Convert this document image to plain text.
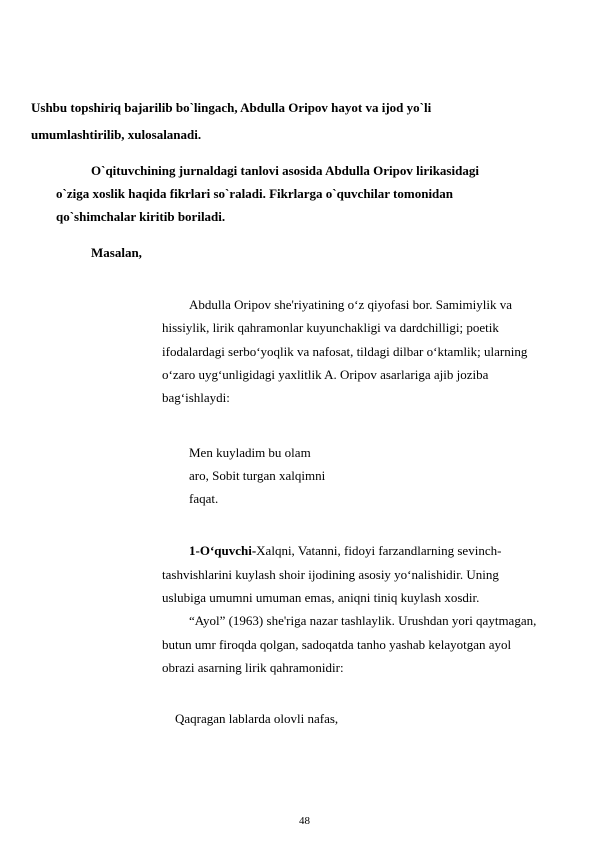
Ushbu topshiriq bajarilib bo`lingach, Abdulla Oripov hayot va ijod yo`li
umumlashtirilib, xulosalanadi.
O`qituvchining jurnaldagi tanlovi asosida Abdulla Oripov lirikasidagi
o`ziga xoslik haqida fikrlari so`raladi. Fikrlarga o`quvchilar tomonidan
qo`shimchalar kiritib boriladi.
Masalan,
Abdulla Oripov she'riyatining o‘z qiyofasi bor. Samimiylik va
hissiylik, lirik qahramonlar kuyunchakligi va dardchilligi; poetik
ifodalardagi serbo‘yoqlik va nafosat, tildagi dilbar o‘ktamlik; ularning
o‘zaro uyg‘unligidagi yaxlitlik A. Oripov asarlariga ajib joziba
bag‘ishlaydi:
Men kuyladim bu olam
aro, Sobit turgan xalqimni
faqat.
1-O‘quvchi-Xalqni, Vatanni, fidoyi farzandlarning sevinch-
tashvishlarini kuylash shoir ijodining asosiy yo‘nalishidir. Uning
uslubiga umumni umuman emas, aniqni tiniq kuylash xosdir.
“Ayol” (1963) she'riga nazar tashlaylik. Urushdan yori qaytmagan,
butun umr firoqda qolgan, sadoqatda tanho yashab kelayotgan ayol
obrazi asarning lirik qahramonidir:
Qaqragan lablarda olovli nafas,
48
